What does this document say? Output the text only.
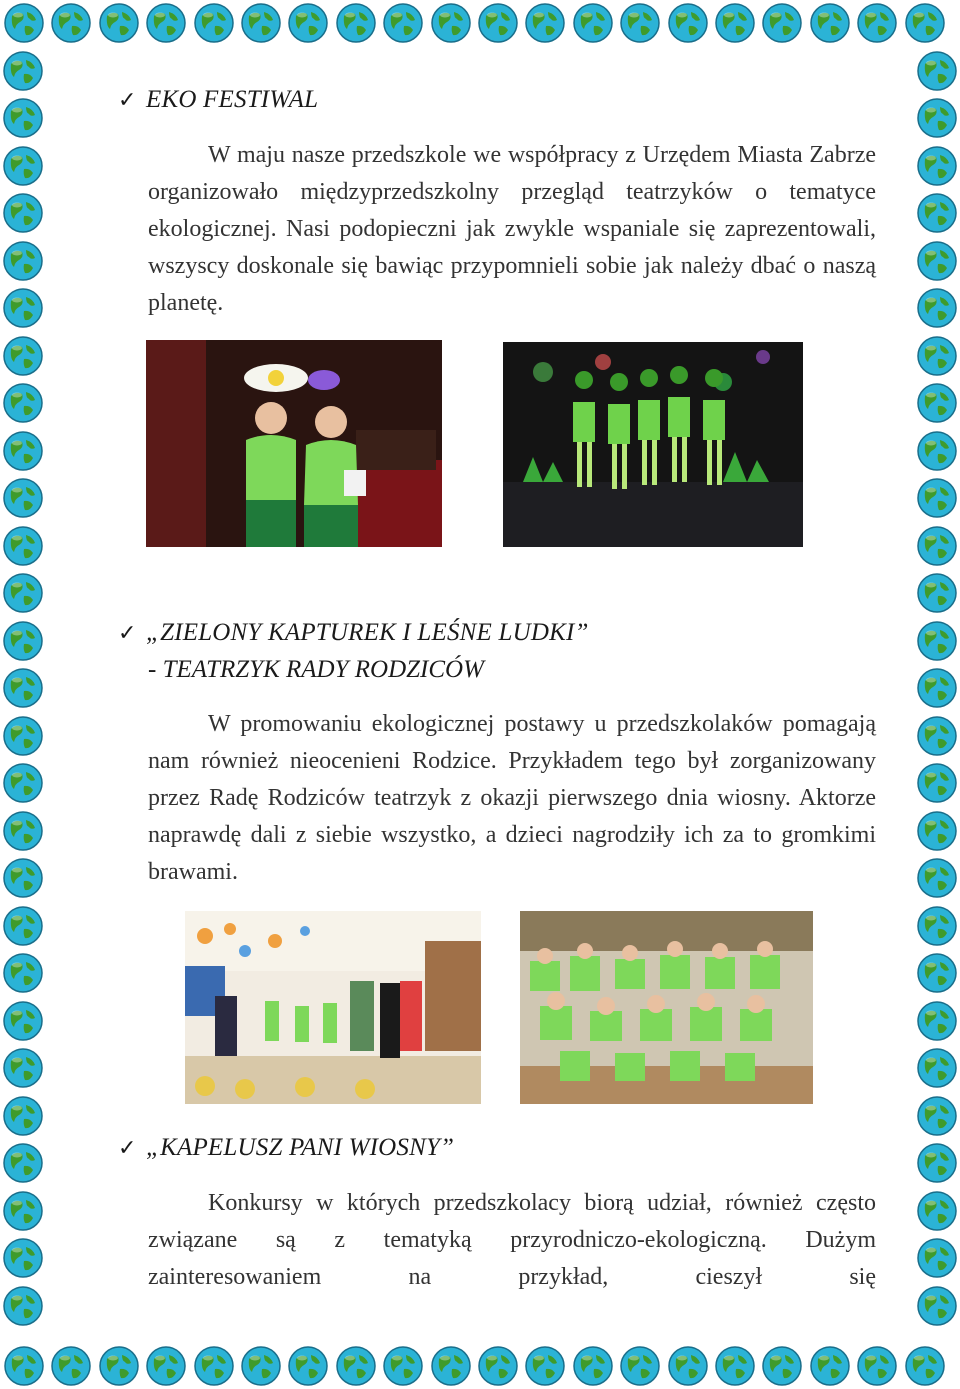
✓ EKO FESTIWAL

W maju nasze przedszkole we współpracy z Urzędem Miasta Zabrze organizowało międzyprzedszkolny przegląd teatrzyków o tematyce ekologicznej. Nasi podopieczni jak zwykle wspaniale się zaprezentowali, wszyscy doskonale się bawiąc przypomnieli sobie jak należy dbać o naszą planetę.

✓ „ZIELONY KAPTUREK I LEŚNE LUDKI”
- TEATRZYK RADY RODZICÓW

W promowaniu ekologicznej postawy u przedszkolaków pomagają nam również nieocenieni Rodzice. Przykładem tego był zorganizowany przez Radę Rodziców teatrzyk z okazji pierwszego dnia wiosny. Aktorze naprawdę dali z siebie wszystko, a dzieci nagrodziły ich za to gromkimi brawami.

✓ „KAPELUSZ PANI WIOSNY”

Konkursy w których przedszkolacy biorą udział, również często związane są z tematyką przyrodniczo-ekologiczną. Dużym zainteresowaniem na przykład, cieszył się
